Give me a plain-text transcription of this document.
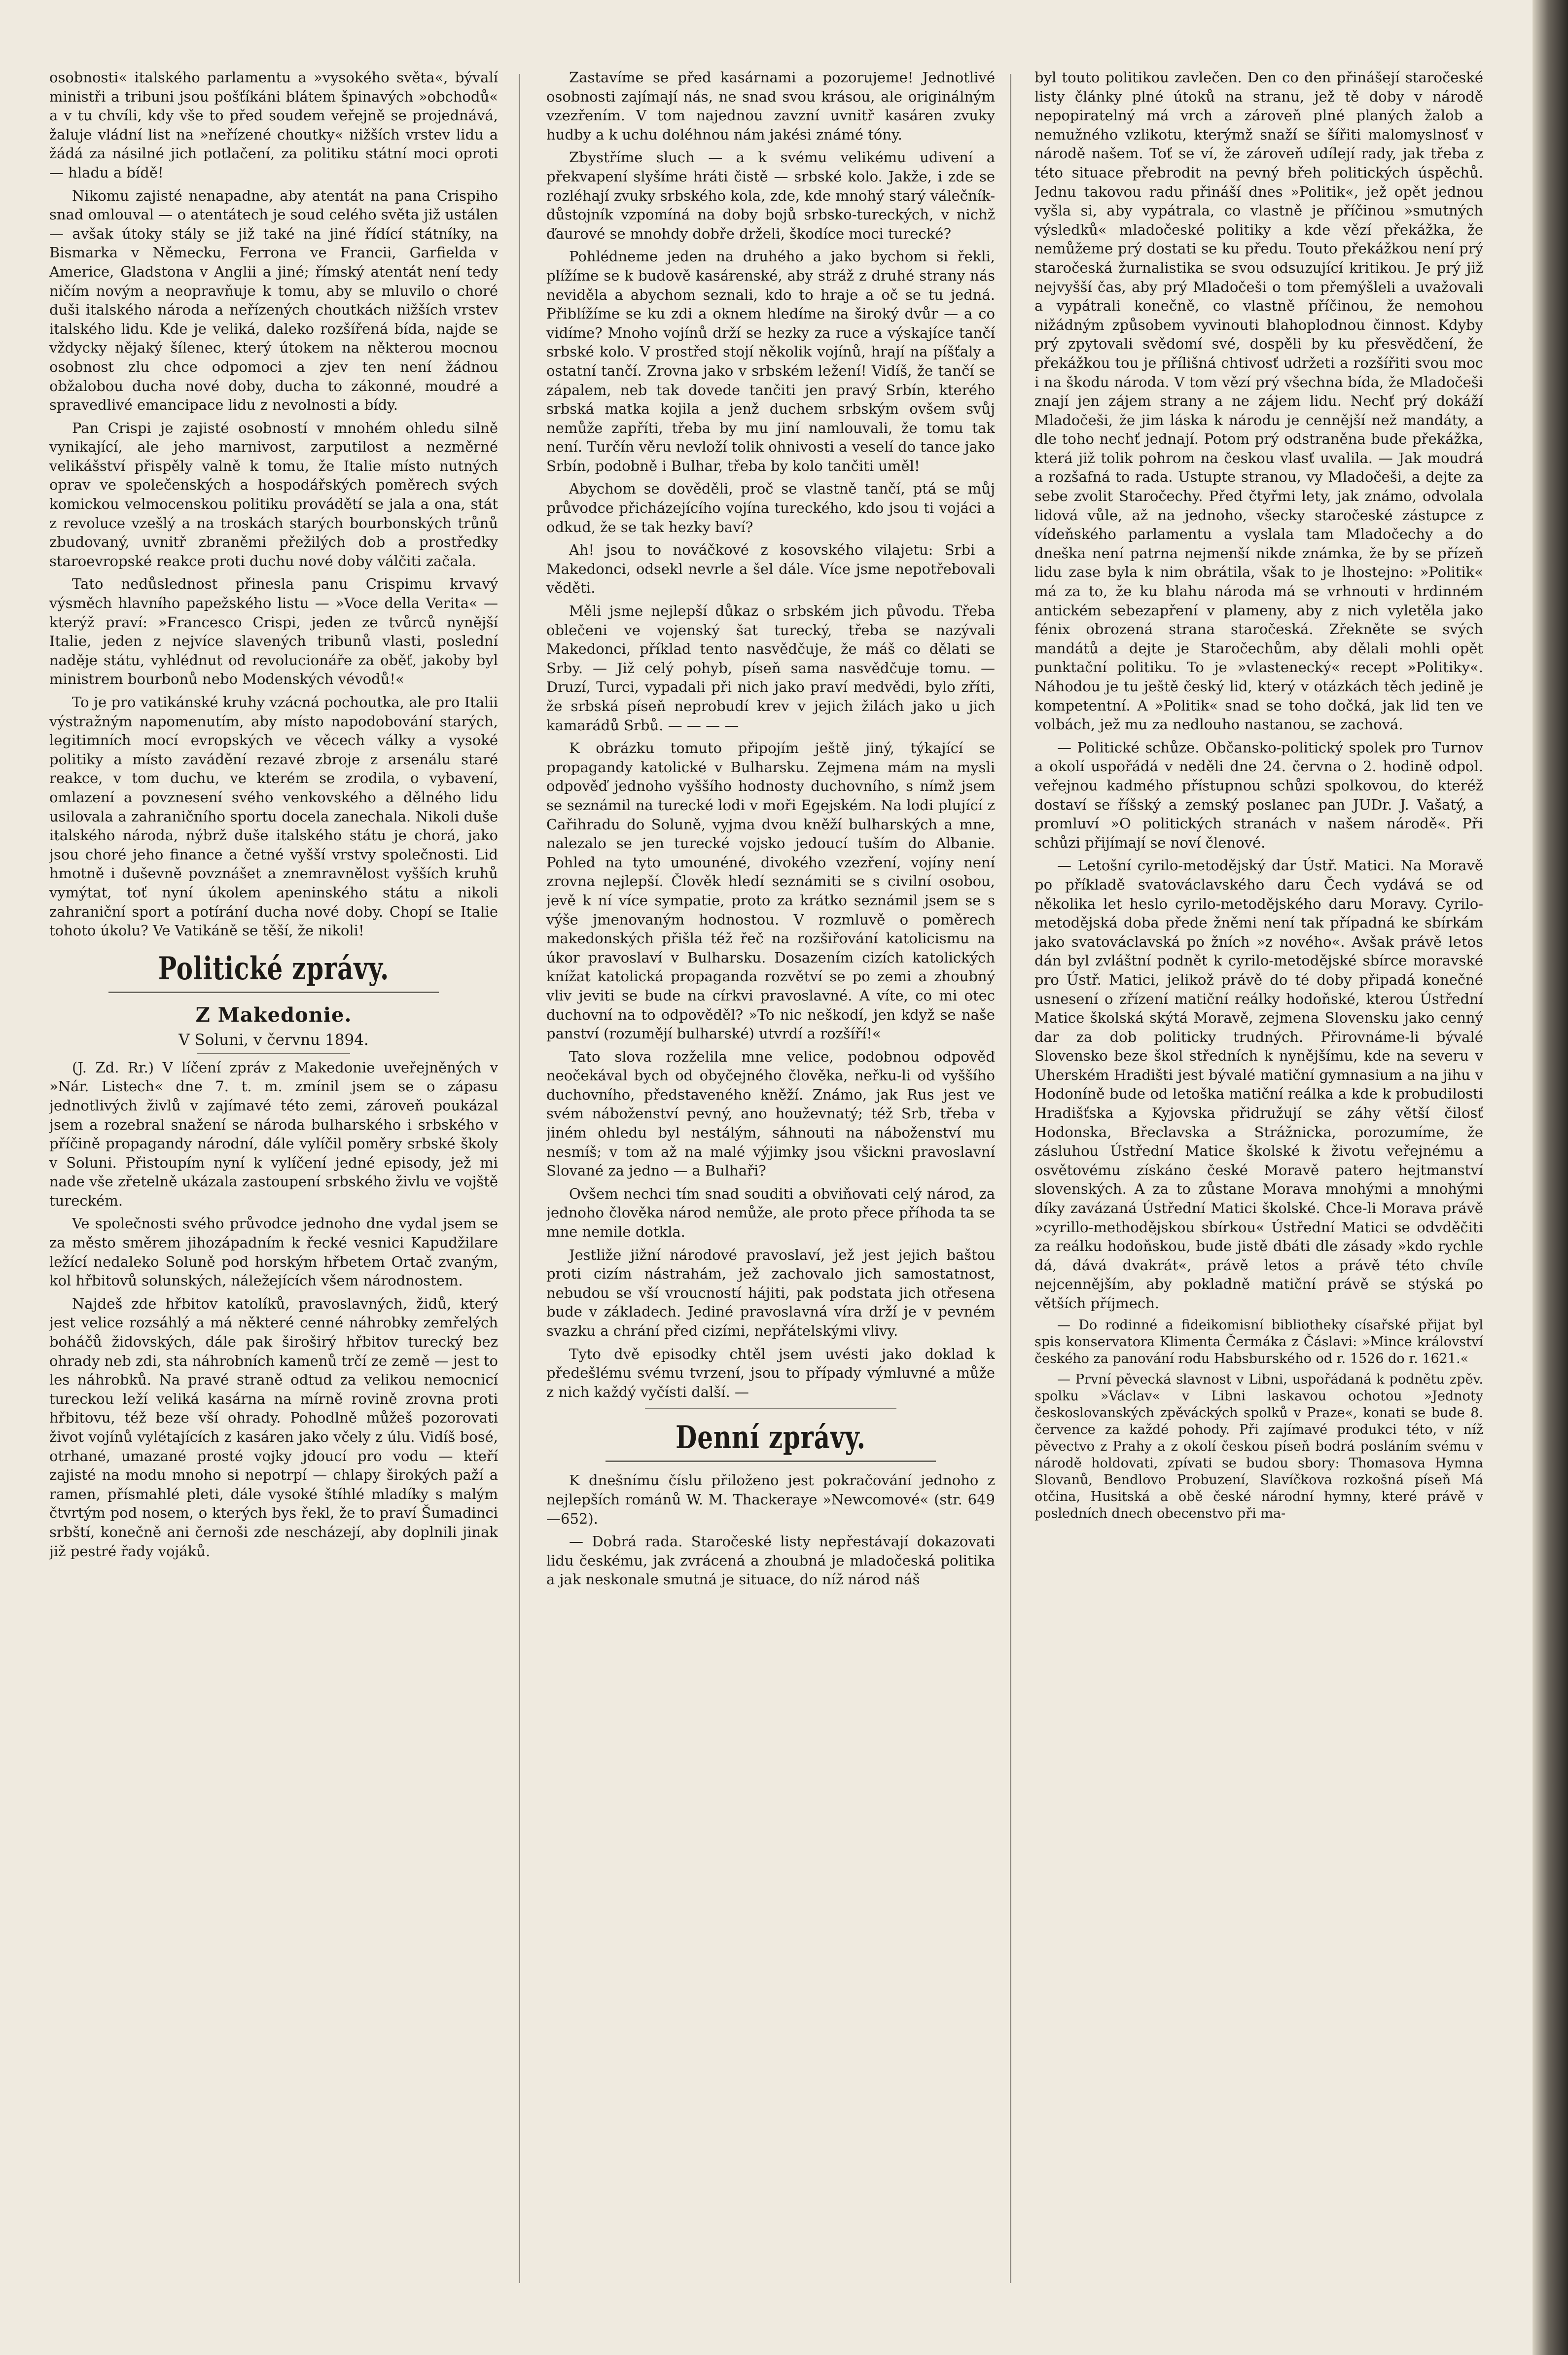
osobnosti« italského parlamentu a »vysokého světa«, bývalí ministři a tribuni jsou pošťíkáni blátem špinavých »obchodů« a v tu chvíli, kdy vše to před soudem veřejně se projednává, žaluje vládní list na »neřízené choutky« nižších vrstev lidu a žádá za násilné jich potlačení, za politiku státní moci oproti — hladu a bídě!

Nikomu zajisté nenapadne, aby atentát na pana Crispiho snad omlouval — o atentátech je soud celého světa již ustálen — avšak útoky stály se již také na jiné řídící státníky, na Bismarka v Německu, Ferrona ve Francii, Garfielda v Americe, Gladstona v Anglii a jiné; římský atentát není tedy ničím novým a neopravňuje k tomu, aby se mluvilo o choré duši italského národa a neřízených choutkách nižších vrstev italského lidu. Kde je veliká, daleko rozšířená bída, najde se vždycky nějaký šílenec, který útokem na některou mocnou osobnost zlu chce odpomoci a zjev ten není žádnou obžalobou ducha nové doby, ducha to zákonné, moudré a spravedlivé emancipace lidu z nevolnosti a bídy.

Pan Crispi je zajisté osobností v mnohém ohledu silně vynikající, ale jeho marnivost, zarputilost a nezměrné velikášství přispěly valně k tomu, že Italie místo nutných oprav ve společenských a hospodářských poměrech svých komickou velmocenskou politiku provádětí se jala a ona, stát z revoluce vzešlý a na troskách starých bourbonských trůnů zbudovaný, uvnitř zbraněmi přežilých dob a prostředky staroevropské reakce proti duchu nové doby válčiti začala.

Tato nedůslednost přinesla panu Crispimu krvavý výsměch hlavního papežského listu — »Voce della Verita« — kterýž praví: »Francesco Crispi, jeden ze tvůrců nynější Italie, jeden z nejvíce slavených tribunů vlasti, poslední naděje státu, vyhlédnut od revolucionáře za oběť, jakoby byl ministrem bourbonů nebo Modenských vévodů!«

To je pro vatikánské kruhy vzácná pochoutka, ale pro Italii výstražným napomenutím, aby místo napodobování starých, legitimních mocí evropských ve věcech války a vysoké politiky a místo zavádění rezavé zbroje z arsenálu staré reakce, v tom duchu, ve kterém se zrodila, o vybavení, omlazení a povznesení svého venkovského a dělného lidu usilovala a zahraničního sportu docela zanechala. Nikoli duše italského národa, nýbrž duše italského státu je chorá, jako jsou choré jeho finance a četné vyšší vrstvy společnosti. Lid hmotně i duševně povznášet a znemravnělost vyšších kruhů vymýtat, toť nyní úkolem apeninského státu a nikoli zahraniční sport a potírání ducha nové doby. Chopí se Italie tohoto úkolu? Ve Vatikáně se těší, že nikoli!

Politické zprávy.
Z Makedonie.
V Soluni, v červnu 1894.

(J. Zd. Rr.) V líčení zpráv z Makedonie uveřejněných v »Nár. Listech« dne 7. t. m. zmínil jsem se o zápasu jednotlivých živlů v zajímavé této zemi, zároveň poukázal jsem a rozebral snažení se národa bulharského i srbského v příčině propagandy národní, dále vylíčil poměry srbské školy v Soluni. Přistoupím nyní k vylíčení jedné episody, jež mi nade vše zřetelně ukázala zastoupení srbského živlu ve vojště tureckém.

Ve společnosti svého průvodce jednoho dne vydal jsem se za město směrem jihozápadním k řecké vesnici Kapudžilare ležící nedaleko Soluně pod horským hřbetem Ortač zvaným, kol hřbitovů solunských, náležejících všem národnostem.

Najdeš zde hřbitov katolíků, pravoslavných, židů, který jest velice rozsáhlý a má některé cenné náhrobky zemřelých boháčů židovských, dále pak široširý hřbitov turecký bez ohrady neb zdi, sta náhrobních kamenů trčí ze země — jest to les náhrobků. Na pravé straně odtud za velikou nemocnicí tureckou leží veliká kasárna na mírně rovině zrovna proti hřbitovu, též beze vší ohrady. Pohodlně můžeš pozorovati život vojínů vylétajících z kasáren jako včely z úlu. Vidíš bosé, otrhané, umazané prosté vojky jdoucí pro vodu — kteří zajisté na modu mnoho si nepotrpí — chlapy širokých paží a ramen, přísmahlé pleti, dále vysoké štíhlé mladíky s malým čtvrtým pod nosem, o kterých bys řekl, že to praví Šumadinci srbští, konečně ani černoši zde nescházejí, aby doplnili jinak již pestré řady vojáků.

Zastavíme se před kasárnami a pozorujeme! Jednotlivé osobnosti zajímají nás, ne snad svou krásou, ale originálným vzezřením. V tom najednou zavzní uvnitř kasáren zvuky hudby a k uchu doléhnou nám jakési známé tóny.

Zbystříme sluch — a k svému velikému udivení a překvapení slyšíme hráti čistě — srbské kolo. Jakže, i zde se rozléhají zvuky srbského kola, zde, kde mnohý starý válečník-důstojník vzpomíná na doby bojů srbsko-tureckých, v nichž ďaurové se mnohdy dobře drželi, škodíce moci turecké?

Pohlédneme jeden na druhého a jako bychom si řekli, plížíme se k budově kasárenské, aby stráž z druhé strany nás neviděla a abychom seznali, kdo to hraje a oč se tu jedná. Přiblížíme se ku zdi a oknem hledíme na široký dvůr — a co vidíme? Mnoho vojínů drží se hezky za ruce a výskajíce tančí srbské kolo. V prostřed stojí několik vojínů, hrají na píšťaly a ostatní tančí. Zrovna jako v srbském ležení! Vidíš, že tančí se zápalem, neb tak dovede tančiti jen pravý Srbín, kterého srbská matka kojila a jenž duchem srbským ovšem svůj nemůže zapříti, třeba by mu jiní namlouvali, že tomu tak není. Turčín věru nevloží tolik ohnivosti a veselí do tance jako Srbín, podobně i Bulhar, třeba by kolo tančiti uměl!

Abychom se dověděli, proč se vlastně tančí, ptá se můj průvodce přicházejícího vojína tureckého, kdo jsou ti vojáci a odkud, že se tak hezky baví?

Ah! jsou to nováčkové z kosovského vilajetu: Srbi a Makedonci, odsekl nevrle a šel dále. Více jsme nepotřebovali věděti.

Měli jsme nejlepší důkaz o srbském jich původu. Třeba oblečeni ve vojenský šat turecký, třeba se nazývali Makedonci, příklad tento nasvědčuje, že máš co dělati se Srby. — Již celý pohyb, píseň sama nasvědčuje tomu. — Druzí, Turci, vypadali při nich jako praví medvědi, bylo zříti, že srbská píseň neprobudí krev v jejich žilách jako u jich kamarádů Srbů. — — — —

K obrázku tomuto připojím ještě jiný, týkající se propagandy katolické v Bulharsku. Zejmena mám na mysli odpověď jednoho vyššího hodnosty duchovního, s nímž jsem se seznámil na turecké lodi v moři Egejském. Na lodi plující z Cařihradu do Soluně, vyjma dvou kněží bulharských a mne, nalezalo se jen turecké vojsko jedoucí tuším do Albanie. Pohled na tyto umounéné, divokého vzezření, vojíny není zrovna nejlepší. Člověk hledí seznámiti se s civilní osobou, jevě k ní více sympatie, proto za krátko seznámil jsem se s výše jmenovaným hodnostou. V rozmluvě o poměrech makedonských přišla též řeč na rozšiřování katolicismu na úkor pravoslaví v Bulharsku. Dosazením cizích katolických knížat katolická propaganda rozvětví se po zemi a zhoubný vliv jeviti se bude na církvi pravoslavné. A víte, co mi otec duchovní na to odpověděl? »To nic neškodí, jen když se naše panství (rozumějí bulharské) utvrdí a rozšíří!«

Tato slova rozželila mne velice, podobnou odpověď neočekával bych od obyčejného člověka, neřku-li od vyššího duchovního, představeného kněží. Známo, jak Rus jest ve svém náboženství pevný, ano houževnatý; též Srb, třeba v jiném ohledu byl nestálým, sáhnouti na náboženství mu nesmíš; v tom až na malé výjimky jsou všickni pravoslavní Slované za jedno — a Bulhaři?

Ovšem nechci tím snad souditi a obviňovati celý národ, za jednoho člověka národ nemůže, ale proto přece příhoda ta se mne nemile dotkla.

Jestliže jižní národové pravoslaví, jež jest jejich baštou proti cizím nástrahám, jež zachovalo jich samostatnost, nebudou se vší vroucností hájiti, pak podstata jich otřesena bude v základech. Jediné pravoslavná víra drží je v pevném svazku a chrání před cizími, nepřátelskými vlivy.

Tyto dvě episodky chtěl jsem uvésti jako doklad k předešlému svému tvrzení, jsou to případy výmluvné a může z nich každý vyčísti další. —

Denní zprávy.

K dnešnímu číslu přiloženo jest pokračování jednoho z nejlepších románů W. M. Thackeraye »Newcomové« (str. 649—652).

— Dobrá rada. Staročeské listy nepřestávají dokazovati lidu českému, jak zvrácená a zhoubná je mladočeská politika a jak neskonale smutná je situace, do níž národ náš

byl touto politikou zavlečen. Den co den přinášejí staročeské listy články plné útoků na stranu, jež tě doby v národě nepopiratelný má vrch a zároveň plné planých žalob a nemužného vzlikotu, kterýmž snaží se šířiti malomyslnosť v národě našem. Toť se ví, že zároveň udílejí rady, jak třeba z této situace přebrodit na pevný břeh politických úspěchů. Jednu takovou radu přináší dnes »Politik«, jež opět jednou vyšla si, aby vypátrala, co vlastně je příčinou »smutných výsledků« mladočeské politiky a kde vězí překážka, že nemůžeme prý dostati se ku předu. Touto překážkou není prý staročeská žurnalistika se svou odsuzující kritikou. Je prý již nejvyšší čas, aby prý Mladočeši o tom přemýšleli a uvažovali a vypátrali konečně, co vlastně příčinou, že nemohou nižádným způsobem vyvinouti blahoplodnou činnost. Kdyby prý zpytovali svědomí své, dospěli by ku přesvědčení, že překážkou tou je přílišná chtivosť udržeti a rozšířiti svou moc i na škodu národa. V tom vězí prý všechna bída, že Mladočeši znají jen zájem strany a ne zájem lidu. Nechť prý dokáží Mladočeši, že jim láska k národu je cennější než mandáty, a dle toho nechť jednají. Potom prý odstraněna bude překážka, která již tolik pohrom na českou vlasť uvalila. — Jak moudrá a rozšafná to rada. Ustupte stranou, vy Mladočeši, a dejte za sebe zvolit Staročechy. Před čtyřmi lety, jak známo, odvolala lidová vůle, až na jednoho, všecky staročeské zástupce z vídeňského parlamentu a vyslala tam Mladočechy a do dneška není patrna nejmenší nikde známka, že by se přízeň lidu zase byla k nim obrátila, však to je lhostejno: »Politik« má za to, že ku blahu národa má se vrhnouti v hrdinném antickém sebezapření v plameny, aby z nich vyletěla jako fénix obrozená strana staročeská. Zřekněte se svých mandátů a dejte je Staročechům, aby dělali mohli opět punktační politiku. To je »vlastenecký« recept »Politiky«. Náhodou je tu ještě český lid, který v otázkách těch jedině je kompetentní. A »Politik« snad se toho dočká, jak lid ten ve volbách, jež mu za nedlouho nastanou, se zachová.

— Politické schůze. Občansko-politický spolek pro Turnov a okolí uspořádá v neděli dne 24. června o 2. hodině odpol. veřejnou kadmého přístupnou schůzi spolkovou, do kteréž dostaví se říšský a zemský poslanec pan JUDr. J. Vašatý, a promluví »O politických stranách v našem národě«. Při schůzi přijímají se noví členové.

— Letošní cyrilo-metodějský dar Ústř. Matici. Na Moravě po příkladě svatováclavského daru Čech vydává se od několika let heslo cyrilo-metodějského daru Moravy. Cyrilo-metodějská doba přede žněmi není tak případná ke sbírkám jako svatováclavská po žních »z nového«. Avšak právě letos dán byl zvláštní podnět k cyrilo-metodějské sbírce moravské pro Ústř. Matici, jelikož právě do té doby připadá konečné usnesení o zřízení matiční reálky hodoňské, kterou Ústřední Matice školská skýtá Moravě, zejmena Slovensku jako cenný dar za dob politicky trudných. Přirovnáme-li bývalé Slovensko beze škol středních k nynějšímu, kde na severu v Uherském Hradišti jest bývalé matiční gymnasium a na jihu v Hodoníně bude od letoška matiční reálka a kde k probudilosti Hradišťska a Kyjovska přidružují se záhy větší čilosť Hodonska, Břeclavska a Strážnicka, porozumíme, že zásluhou Ústřední Matice školské k životu veřejnému a osvětovému získáno české Moravě patero hejtmanství slovenských. A za to zůstane Morava mnohými a mnohými díky zavázaná Ústřední Matici školské. Chce-li Morava právě »cyrillo-methodějskou sbírkou« Ústřední Matici se odvděčiti za reálku hodoňskou, bude jistě dbáti dle zásady »kdo rychle dá, dává dvakrát«, právě letos a právě této chvíle nejcennějším, aby pokladně matiční právě se stýská po větších příjmech.

— Do rodinné a fideikomisní bibliotheky císařské přijat byl spis konservatora Klimenta Čermáka z Čáslavi: »Mince království českého za panování rodu Habsburského od r. 1526 do r. 1621.«

— První pěvecká slavnost v Libni, uspořádaná k podnětu zpěv. spolku »Václav« v Libni laskavou ochotou »Jednoty českoslovanských zpěváckých spolků v Praze«, konati se bude 8. července za každé pohody. Při zajímavé produkci této, v níž pěvectvo z Prahy a z okolí českou píseň bodrá posláním svému v národě holdovati, zpívati se budou sbory: Thomasova Hymna Slovanů, Bendlovo Probuzení, Slavíčkova rozkošná píseň Má otčina, Husitská a obě české národní hymny, které právě v posledních dnech obecenstvo při ma-
